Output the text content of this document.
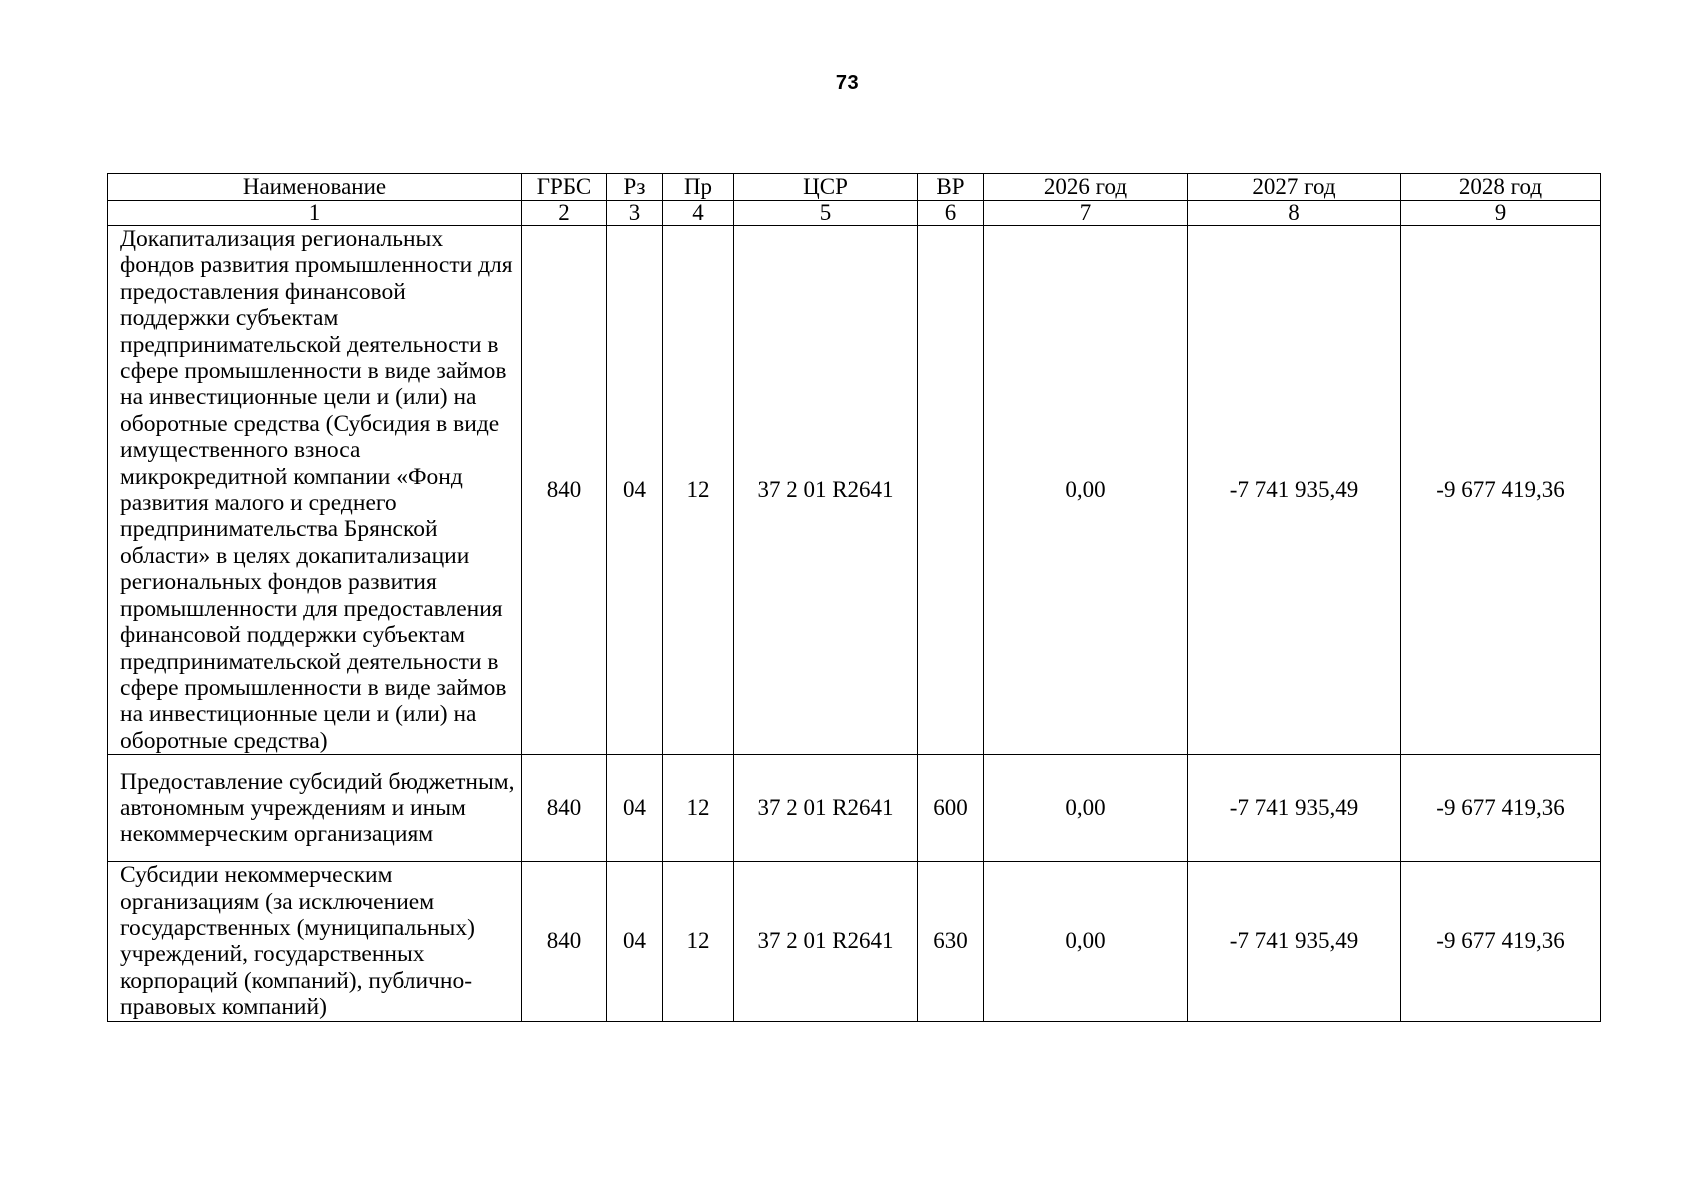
73
Наименование	ГРБС	Рз	Пр	ЦСР	ВР	2026 год	2027 год	2028 год
1	2	3	4	5	6	7	8	9
Докапитализация региональных фондов развития промышленности для предоставления финансовой поддержки субъектам предпринимательской деятельности в сфере промышленности в виде займов на инвестиционные цели и (или) на оборотные средства (Субсидия в виде имущественного взноса микрокредитной компании «Фонд развития малого и среднего предпринимательства Брянской области» в целях докапитализации региональных фондов развития промышленности для предоставления финансовой поддержки субъектам предпринимательской деятельности в сфере промышленности в виде займов на инвестиционные цели и (или) на оборотные средства)	840	04	12	37 2 01 R2641		0,00	-7 741 935,49	-9 677 419,36
Предоставление субсидий бюджетным, автономным учреждениям и иным некоммерческим организациям	840	04	12	37 2 01 R2641	600	0,00	-7 741 935,49	-9 677 419,36
Субсидии некоммерческим организациям (за исключением государственных (муниципальных) учреждений, государственных корпораций (компаний), публично-правовых компаний)	840	04	12	37 2 01 R2641	630	0,00	-7 741 935,49	-9 677 419,36
